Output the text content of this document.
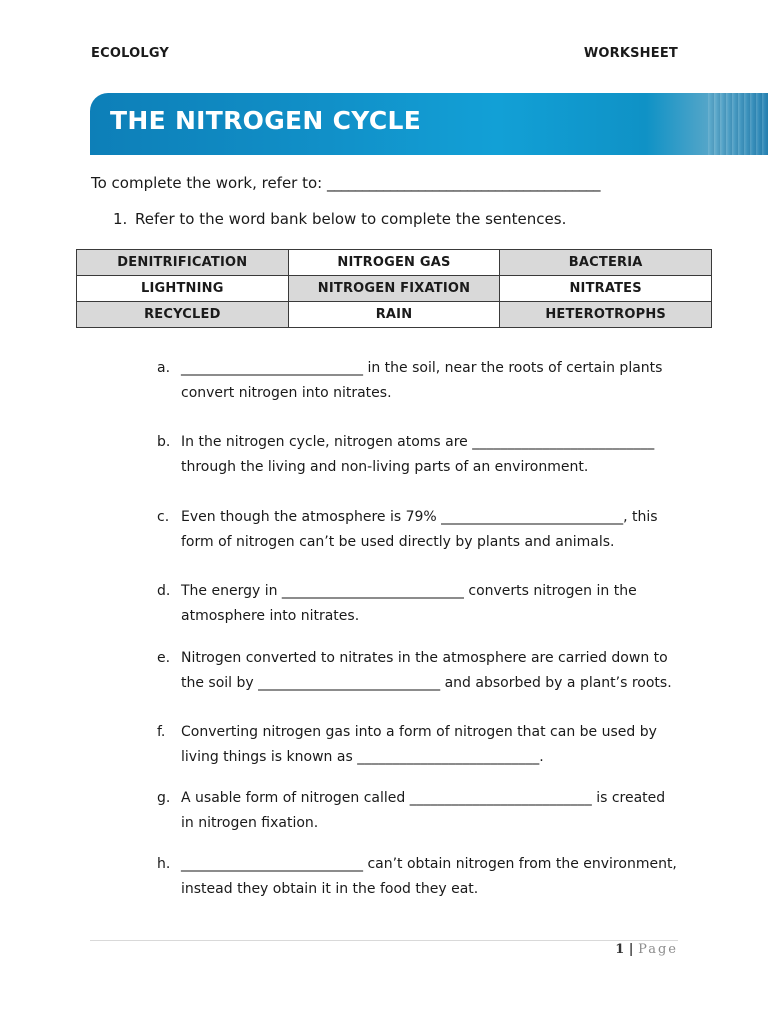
ECOLOLGY	WORKSHEET
THE NITROGEN CYCLE
To complete the work, refer to: _______________________________________
1. Refer to the word bank below to complete the sentences.
DENITRIFICATION	NITROGEN GAS	BACTERIA
LIGHTNING	NITROGEN FIXATION	NITRATES
RECYCLED	RAIN	HETEROTROPHS
a. __________________________ in the soil, near the roots of certain plants
convert nitrogen into nitrates.
b. In the nitrogen cycle, nitrogen atoms are __________________________
through the living and non-living parts of an environment.
c. Even though the atmosphere is 79% __________________________, this
form of nitrogen can’t be used directly by plants and animals.
d. The energy in __________________________ converts nitrogen in the
atmosphere into nitrates.
e. Nitrogen converted to nitrates in the atmosphere are carried down to
the soil by __________________________ and absorbed by a plant’s roots.
f. Converting nitrogen gas into a form of nitrogen that can be used by
living things is known as __________________________.
g. A usable form of nitrogen called __________________________ is created
in nitrogen fixation.
h. __________________________ can’t obtain nitrogen from the environment,
instead they obtain it in the food they eat.
1 | Page
